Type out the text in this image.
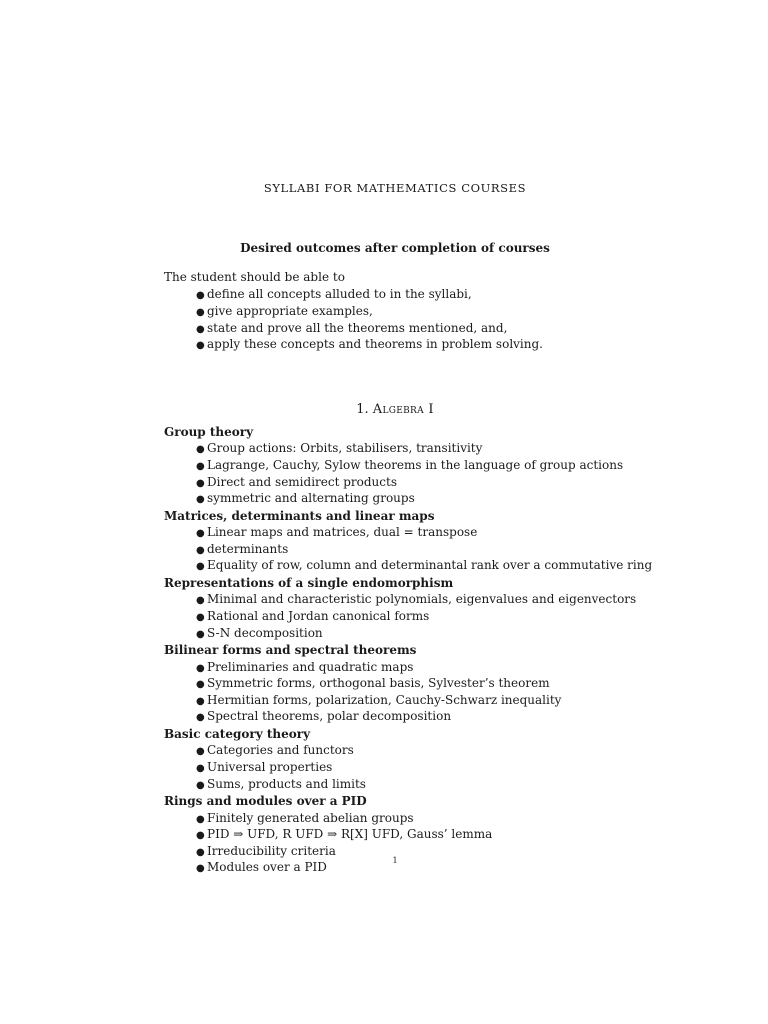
SYLLABI FOR MATHEMATICS COURSES
Desired outcomes after completion of courses

The student should be able to

● define all concepts alluded to in the syllabi,
● give appropriate examples,
● state and prove all the theorems mentioned, and,
● apply these concepts and theorems in problem solving.
1. Algebra I

Group theory

● Group actions: Orbits, stabilisers, transitivity
● Lagrange, Cauchy, Sylow theorems in the language of group actions
● Direct and semidirect products
● symmetric and alternating groups

Matrices, determinants and linear maps

● Linear maps and matrices, dual = transpose
● determinants
● Equality of row, column and determinantal rank over a commutative ring

Representations of a single endomorphism

● Minimal and characteristic polynomials, eigenvalues and eigenvectors
● Rational and Jordan canonical forms
● S-N decomposition

Bilinear forms and spectral theorems

● Preliminaries and quadratic maps
● Symmetric forms, orthogonal basis, Sylvester’s theorem
● Hermitian forms, polarization, Cauchy-Schwarz inequality
● Spectral theorems, polar decomposition

Basic category theory

● Categories and functors
● Universal properties
● Sums, products and limits

Rings and modules over a PID

● Finitely generated abelian groups
● PID ⇒ UFD, R UFD ⇒ R[X] UFD, Gauss’ lemma
● Irreducibility criteria
● Modules over a PID	1
